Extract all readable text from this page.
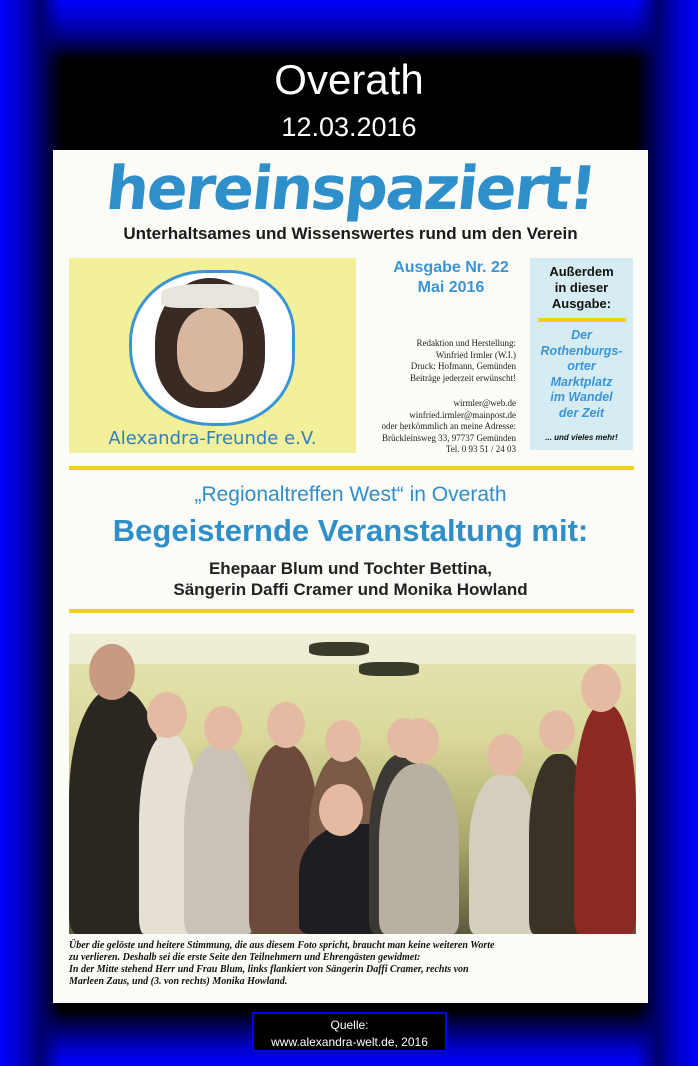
Overath
12.03.2016
hereinspaziert!
Unterhaltsames und Wissenswertes rund um den Verein
Alexandra-Freunde e.V.
Ausgabe Nr. 22
Mai 2016

Redaktion und Herstellung:

Winfried Irmler (W.I.)

Druck: Hofmann, Gemünden

Beiträge jederzeit erwünscht!

wirmler@web.de

winfried.irmler@mainpost.de

oder herkömmlich an meine Adresse:

Brückleinsweg 33, 97737 Gemünden

Tel. 0 93 51 / 24 03

Außerdem
in dieser
Ausgabe:
Der
Rothenburgs-
orter
Marktplatz
im Wandel
der Zeit
... und vieles mehr!
„Regionaltreffen West“ in Overath
Begeisternde Veranstaltung mit:

Ehepaar Blum und Tochter Bettina,

Sängerin Daffi Cramer und Monika Howland

Über die gelöste und heitere Stimmung, die aus diesem Foto spricht, braucht man keine weiteren Worte

zu verlieren. Deshalb sei die erste Seite den Teilnehmern und Ehrengästen gewidmet:

In der Mitte stehend Herr und Frau Blum, links flankiert von Sängerin Daffi Cramer, rechts von

Marleen Zaus, und (3. von rechts) Monika Howland.

Quelle:
www.alexandra-welt.de, 2016
